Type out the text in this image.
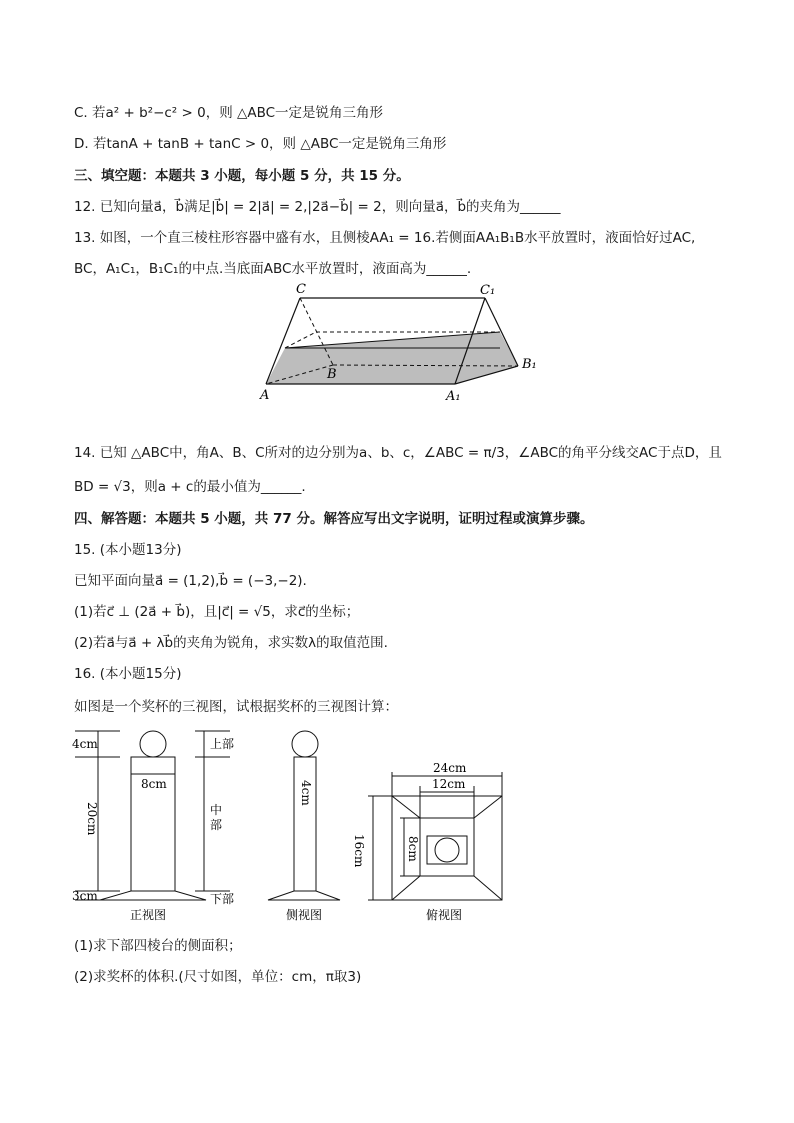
C. 若a² + b²−c² > 0，则 △ABC一定是锐角三角形
D. 若tanA + tanB + tanC > 0，则 △ABC一定是锐角三角形
三、填空题：本题共 3 小题，每小题 5 分，共 15 分。
12. 已知向量a⃗，b⃗满足|b⃗| = 2|a⃗| = 2,|2a⃗−b⃗| = 2，则向量a⃗，b⃗的夹角为______
13. 如图，一个直三棱柱形容器中盛有水，且侧棱AA₁ = 16.若侧面AA₁B₁B水平放置时，液面恰好过AC,
BC，A₁C₁，B₁C₁的中点.当底面ABC水平放置时，液面高为______.
C	C₁
B
B₁
A	A₁
14. 已知 △ABC中，角A、B、C所对的边分别为a、b、c，∠ABC = π/3，∠ABC的角平分线交AC于点D，且
BD = √3，则a + c的最小值为______.
四、解答题：本题共 5 小题，共 77 分。解答应写出文字说明，证明过程或演算步骤。
15. (本小题13分)
已知平面向量a⃗ = (1,2),b⃗ = (−3,−2).
(1)若c⃗ ⊥ (2a⃗ + b⃗)，且|c⃗| = √5，求c⃗的坐标；
(2)若a⃗与a⃗ + λb⃗的夹角为锐角，求实数λ的取值范围.
16. (本小题15分)
如图是一个奖杯的三视图，试根据奖杯的三视图计算：
4cm
8cm
20cm
3cm
上部
中
部
下部
正视图
4cm
侧视图
24cm
12cm
16cm	8cm
俯视图
(1)求下部四棱台的侧面积；
(2)求奖杯的体积.(尺寸如图，单位：cm，π取3)
